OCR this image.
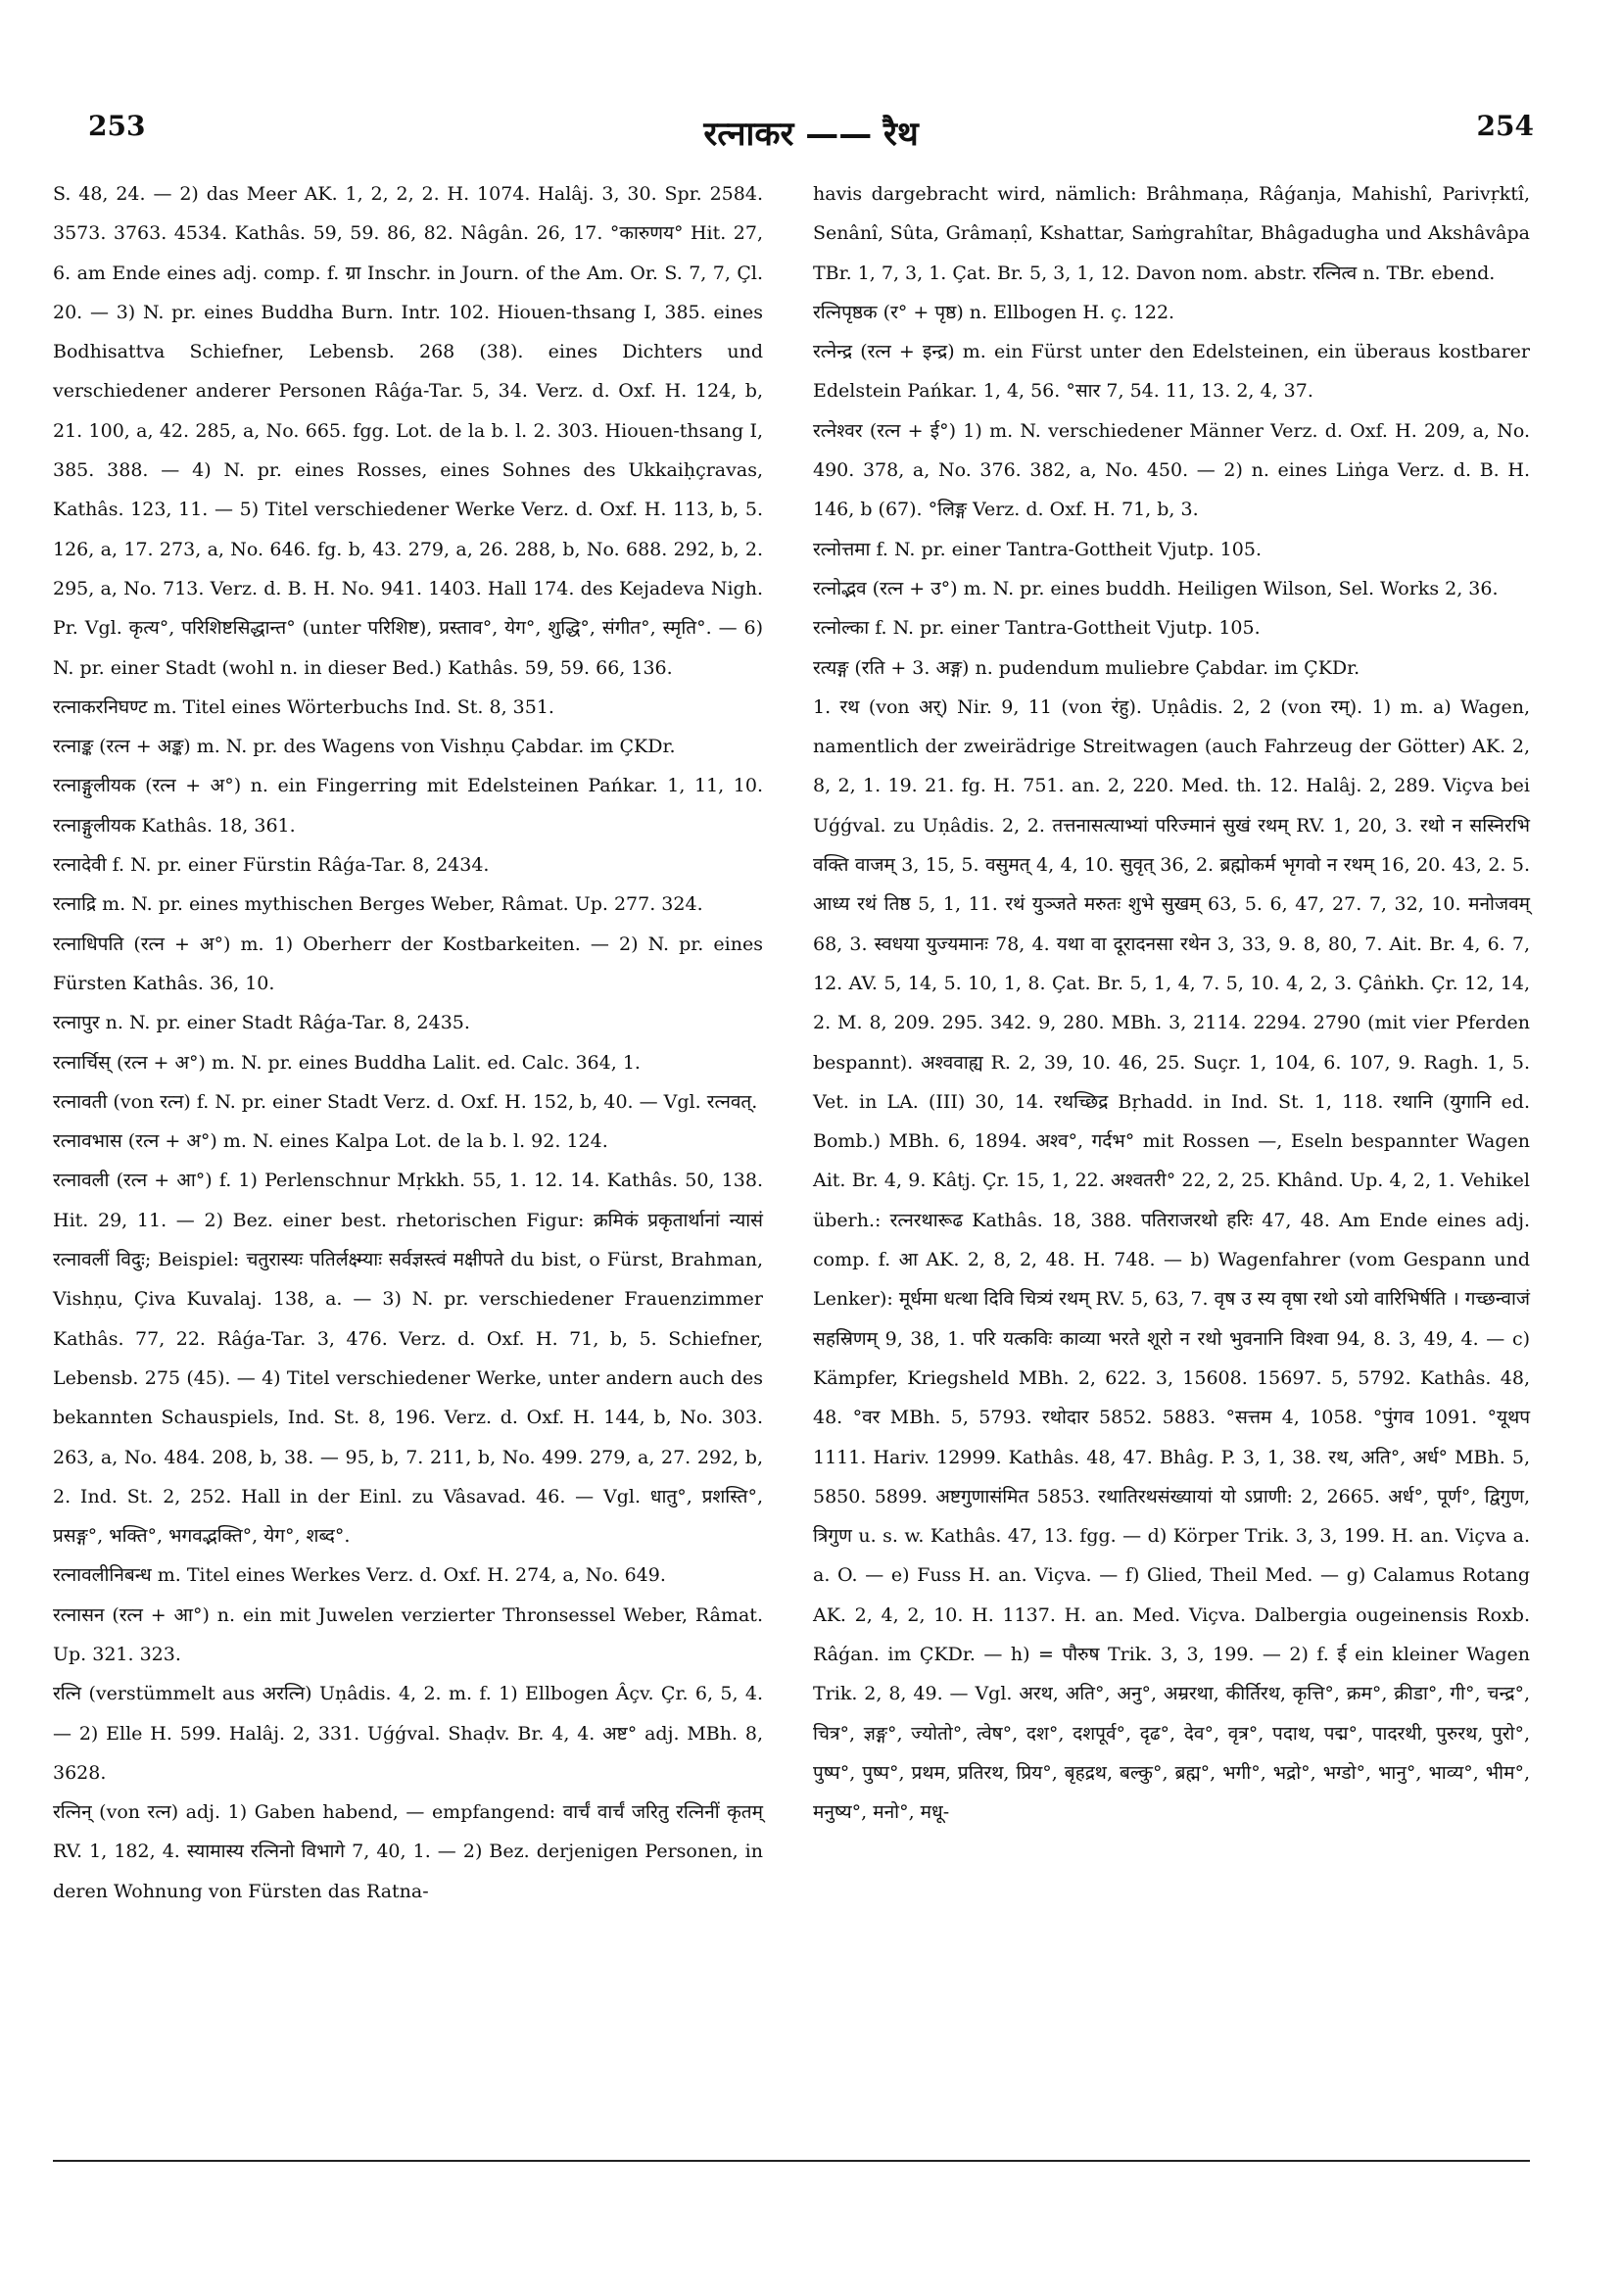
253	रत्नाकर —— रैथ	254

S. 48, 24. — 2) das Meer AK. 1, 2, 2, 2. H. 1074. Halâj. 3, 30. Spr. 2584. 3573. 3763. 4534. Kathâs. 59, 59. 86, 82. Nâgân. 26, 17. °कारुणय° Hit. 27, 6. am Ende eines adj. comp. f. ग्रा Inschr. in Journ. of the Am. Or. S. 7, 7, Çl. 20. — 3) N. pr. eines Buddha Burn. Intr. 102. Hiouen-thsang I, 385. eines Bodhisattva Schiefner, Lebensb. 268 (38). eines Dichters und verschiedener anderer Personen Râǵa-Tar. 5, 34. Verz. d. Oxf. H. 124, b, 21. 100, a, 42. 285, a, No. 665. fgg. Lot. de la b. l. 2. 303. Hiouen-thsang I, 385. 388. — 4) N. pr. eines Rosses, eines Sohnes des Ukkaiḥçravas, Kathâs. 123, 11. — 5) Titel verschiedener Werke Verz. d. Oxf. H. 113, b, 5. 126, a, 17. 273, a, No. 646. fg. b, 43. 279, a, 26. 288, b, No. 688. 292, b, 2. 295, a, No. 713. Verz. d. B. H. No. 941. 1403. Hall 174. des Kejadeva Nigh. Pr. Vgl. कृत्य°, परिशिष्टसिद्धान्त° (unter परिशिष्ट), प्रस्ताव°, येग°, शुद्धि°, संगीत°, स्मृति°. — 6) N. pr. einer Stadt (wohl n. in dieser Bed.) Kathâs. 59, 59. 66, 136.

रत्नाकरनिघण्ट m. Titel eines Wörterbuchs Ind. St. 8, 351.

रत्नाङ्क (रत्न + अङ्क) m. N. pr. des Wagens von Vishṇu Çabdar. im ÇKDr.

रत्नाङ्गुलीयक (रत्न + अ°) n. ein Fingerring mit Edelsteinen Pańkar. 1, 11, 10. रत्नाङ्गुलीयक Kathâs. 18, 361.

रत्नादेवी f. N. pr. einer Fürstin Râǵa-Tar. 8, 2434.

रत्नाद्रि m. N. pr. eines mythischen Berges Weber, Râmat. Up. 277. 324.

रत्नाधिपति (रत्न + अ°) m. 1) Oberherr der Kostbarkeiten. — 2) N. pr. eines Fürsten Kathâs. 36, 10.

रत्नापुर n. N. pr. einer Stadt Râǵa-Tar. 8, 2435.

रत्नार्चिस् (रत्न + अ°) m. N. pr. eines Buddha Lalit. ed. Calc. 364, 1.

रत्नावती (von रत्न) f. N. pr. einer Stadt Verz. d. Oxf. H. 152, b, 40. — Vgl. रत्नवत्.

रत्नावभास (रत्न + अ°) m. N. eines Kalpa Lot. de la b. l. 92. 124.

रत्नावली (रत्न + आ°) f. 1) Perlenschnur Mṛkkh. 55, 1. 12. 14. Kathâs. 50, 138. Hit. 29, 11. — 2) Bez. einer best. rhetorischen Figur: क्रमिकं प्रकृतार्थानां न्यासं रत्नावलीं विदुः; Beispiel: चतुरास्यः पतिर्लक्ष्म्याः सर्वज्ञस्त्वं मक्षीपते du bist, o Fürst, Brahman, Vishṇu, Çiva Kuvalaj. 138, a. — 3) N. pr. verschiedener Frauenzimmer Kathâs. 77, 22. Râǵa-Tar. 3, 476. Verz. d. Oxf. H. 71, b, 5. Schiefner, Lebensb. 275 (45). — 4) Titel verschiedener Werke, unter andern auch des bekannten Schauspiels, Ind. St. 8, 196. Verz. d. Oxf. H. 144, b, No. 303. 263, a, No. 484. 208, b, 38. — 95, b, 7. 211, b, No. 499. 279, a, 27. 292, b, 2. Ind. St. 2, 252. Hall in der Einl. zu Vâsavad. 46. — Vgl. धातु°, प्रशस्ति°, प्रसङ्ग°, भक्ति°, भगवद्भक्ति°, येग°, शब्द°.

रत्नावलीनिबन्ध m. Titel eines Werkes Verz. d. Oxf. H. 274, a, No. 649.

रत्नासन (रत्न + आ°) n. ein mit Juwelen verzierter Thronsessel Weber, Râmat. Up. 321. 323.

रत्नि (verstümmelt aus अरत्नि) Uṇâdis. 4, 2. m. f. 1) Ellbogen Âçv. Çr. 6, 5, 4. — 2) Elle H. 599. Halâj. 2, 331. Uǵǵval. Shaḍv. Br. 4, 4. अष्ट° adj. MBh. 8, 3628.

रत्निन् (von रत्न) adj. 1) Gaben habend, — empfangend: वार्चं वार्चं जरितु रत्निनीं कृतम् RV. 1, 182, 4. स्यामास्य रत्निनो विभागे 7, 40, 1. — 2) Bez. derjenigen Personen, in deren Wohnung von Fürsten das Ratna-

havis dargebracht wird, nämlich: Brâhmaṇa, Râǵanja, Mahishî, Parivṛktî, Senânî, Sûta, Grâmaṇî, Kshattar, Saṁgrahîtar, Bhâgadugha und Akshâvâpa TBr. 1, 7, 3, 1. Çat. Br. 5, 3, 1, 12. Davon nom. abstr. रत्नित्व n. TBr. ebend.

रत्निपृष्ठक (र° + पृष्ठ) n. Ellbogen H. ç. 122.

रत्नेन्द्र (रत्न + इन्द्र) m. ein Fürst unter den Edelsteinen, ein überaus kostbarer Edelstein Pańkar. 1, 4, 56. °सार 7, 54. 11, 13. 2, 4, 37.

रत्नेश्वर (रत्न + ई°) 1) m. N. verschiedener Männer Verz. d. Oxf. H. 209, a, No. 490. 378, a, No. 376. 382, a, No. 450. — 2) n. eines Liṅga Verz. d. B. H. 146, b (67). °लिङ्ग Verz. d. Oxf. H. 71, b, 3.

रत्नोत्तमा f. N. pr. einer Tantra-Gottheit Vjutp. 105.

रत्नोद्भव (रत्न + उ°) m. N. pr. eines buddh. Heiligen Wilson, Sel. Works 2, 36.

रत्नोल्का f. N. pr. einer Tantra-Gottheit Vjutp. 105.

रत्यङ्ग (रति + 3. अङ्ग) n. pudendum muliebre Çabdar. im ÇKDr.

1. रथ (von अर्) Nir. 9, 11 (von रंहु). Uṇâdis. 2, 2 (von रम्). 1) m. a) Wagen, namentlich der zweirädrige Streitwagen (auch Fahrzeug der Götter) AK. 2, 8, 2, 1. 19. 21. fg. H. 751. an. 2, 220. Med. th. 12. Halâj. 2, 289. Viçva bei Uǵǵval. zu Uṇâdis. 2, 2. तत्तनासत्याभ्यां परिज्मानं सुखं रथम् RV. 1, 20, 3. रथो न सस्निरभि वक्ति वाजम् 3, 15, 5. वसुमत् 4, 4, 10. सुवृत् 36, 2. ब्रह्मोकर्म भृगवो न रथम् 16, 20. 43, 2. 5. आध्य रथं तिष्ठ 5, 1, 11. रथं युञ्जते मरुतः शुभे सुखम् 63, 5. 6, 47, 27. 7, 32, 10. मनोजवम् 68, 3. स्वधया युज्यमानः 78, 4. यथा वा दूरादनसा रथेन 3, 33, 9. 8, 80, 7. Ait. Br. 4, 6. 7, 12. AV. 5, 14, 5. 10, 1, 8. Çat. Br. 5, 1, 4, 7. 5, 10. 4, 2, 3. Çâṅkh. Çr. 12, 14, 2. M. 8, 209. 295. 342. 9, 280. MBh. 3, 2114. 2294. 2790 (mit vier Pferden bespannt). अश्ववाह्य R. 2, 39, 10. 46, 25. Suçr. 1, 104, 6. 107, 9. Ragh. 1, 5. Vet. in LA. (III) 30, 14. रथच्छिद्र Bṛhadd. in Ind. St. 1, 118. रथानि (युगानि ed. Bomb.) MBh. 6, 1894. अश्व°, गर्दभ° mit Rossen —, Eseln bespannter Wagen Ait. Br. 4, 9. Kâtj. Çr. 15, 1, 22. अश्वतरी° 22, 2, 25. Khând. Up. 4, 2, 1. Vehikel überh.: रत्नरथारूढ Kathâs. 18, 388. पतिराजरथो हरिः 47, 48. Am Ende eines adj. comp. f. आ AK. 2, 8, 2, 48. H. 748. — b) Wagenfahrer (vom Gespann und Lenker): मूर्धमा धत्था दिवि चित्र्यं रथम् RV. 5, 63, 7. वृष उ स्य वृषा रथो ऽयो वारिभिर्षति । गच्छन्वाजं सहस्रिणम् 9, 38, 1. परि यत्कविः काव्या भरते शूरो न रथो भुवनानि विश्वा 94, 8. 3, 49, 4. — c) Kämpfer, Kriegsheld MBh. 2, 622. 3, 15608. 15697. 5, 5792. Kathâs. 48, 48. °वर MBh. 5, 5793. रथोदार 5852. 5883. °सत्तम 4, 1058. °पुंगव 1091. °यूथप 1111. Hariv. 12999. Kathâs. 48, 47. Bhâg. P. 3, 1, 38. रथ, अति°, अर्ध° MBh. 5, 5850. 5899. अष्टगुणासंमित 5853. रथातिरथसंख्यायां यो ऽप्राणी: 2, 2665. अर्ध°, पूर्ण°, द्विगुण, त्रिगुण u. s. w. Kathâs. 47, 13. fgg. — d) Körper Trik. 3, 3, 199. H. an. Viçva a. a. O. — e) Fuss H. an. Viçva. — f) Glied, Theil Med. — g) Calamus Rotang AK. 2, 4, 2, 10. H. 1137. H. an. Med. Viçva. Dalbergia ougeinensis Roxb. Râǵan. im ÇKDr. — h) = पौरुष Trik. 3, 3, 199. — 2) f. ई ein kleiner Wagen Trik. 2, 8, 49. — Vgl. अरथ, अति°, अनु°, अम्ररथा, कीर्तिरथ, कृत्ति°, क्रम°, क्रीडा°, गी°, चन्द्र°, चित्र°, ज्ञङ्ग°, ज्योतो°, त्वेष°, दश°, दशपूर्व°, दृढ°, देव°, वृत्र°, पदाथ, पद्म°, पादरथी, पुरुरथ, पुरो°, पुष्प°, पुष्प°, प्रथम, प्रतिरथ, प्रिय°, बृहद्रथ, बल्कु°, ब्रह्म°, भगी°, भद्रो°, भग्डो°, भानु°, भाव्य°, भीम°, मनुष्य°, मनो°, मधू-
